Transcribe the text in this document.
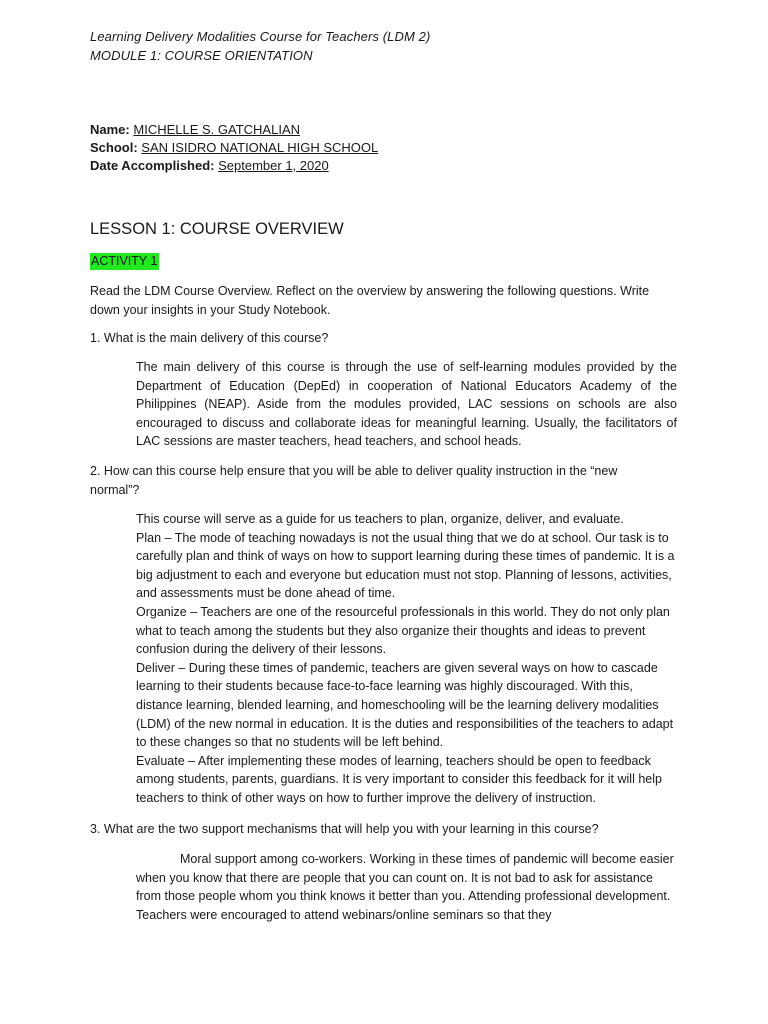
Learning Delivery Modalities Course for Teachers (LDM 2)
MODULE 1: COURSE ORIENTATION
Name: MICHELLE S. GATCHALIAN
School: SAN ISIDRO NATIONAL HIGH SCHOOL
Date Accomplished: September 1, 2020
LESSON 1: COURSE OVERVIEW
ACTIVITY 1

Read the LDM Course Overview. Reflect on the overview by answering the following questions. Write down your insights in your Study Notebook.

1. What is the main delivery of this course?

The main delivery of this course is through the use of self-learning modules provided by the Department of Education (DepEd) in cooperation of National Educators Academy of the Philippines (NEAP). Aside from the modules provided, LAC sessions on schools are also encouraged to discuss and collaborate ideas for meaningful learning. Usually, the facilitators of LAC sessions are master teachers, head teachers, and school heads.

2. How can this course help ensure that you will be able to deliver quality instruction in the “new normal”?

This course will serve as a guide for us teachers to plan, organize, deliver, and evaluate.
Plan – The mode of teaching nowadays is not the usual thing that we do at school. Our task is to carefully plan and think of ways on how to support learning during these times of pandemic. It is a big adjustment to each and everyone but education must not stop. Planning of lessons, activities, and assessments must be done ahead of time.
Organize – Teachers are one of the resourceful professionals in this world. They do not only plan what to teach among the students but they also organize their thoughts and ideas to prevent confusion during the delivery of their lessons.
Deliver – During these times of pandemic, teachers are given several ways on how to cascade learning to their students because face-to-face learning was highly discouraged. With this, distance learning, blended learning, and homeschooling will be the learning delivery modalities (LDM) of the new normal in education. It is the duties and responsibilities of the teachers to adapt to these changes so that no students will be left behind.
Evaluate – After implementing these modes of learning, teachers should be open to feedback among students, parents, guardians. It is very important to consider this feedback for it will help teachers to think of other ways on how to further improve the delivery of instruction.

3. What are the two support mechanisms that will help you with your learning in this course?

Moral support among co-workers. Working in these times of pandemic will become easier when you know that there are people that you can count on. It is not bad to ask for assistance from those people whom you think knows it better than you. Attending professional development. Teachers were encouraged to attend webinars/online seminars so that they
